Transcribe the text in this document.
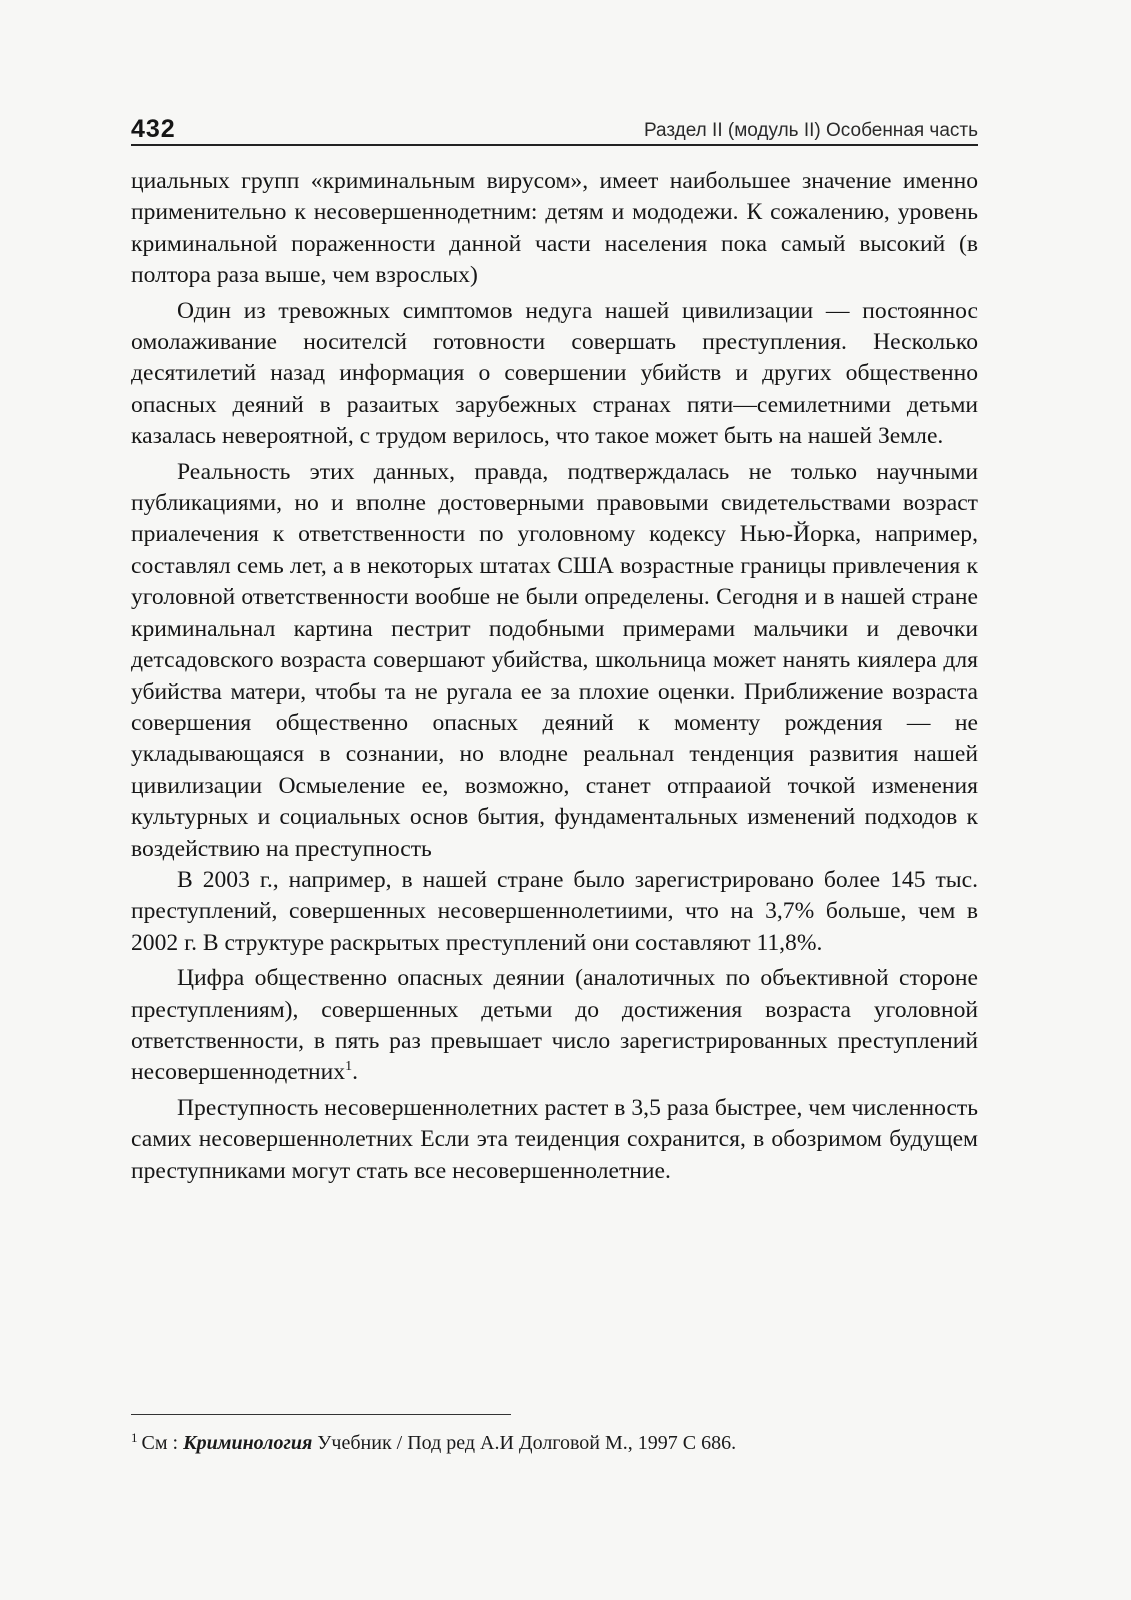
432	Раздел II (модуль II) Особенная часть

циальных групп «криминальным вирусом», имеет наибольшее значение именно применительно к несовершеннодетним: детям и мододежи. К сожалению, уровень криминальной пораженности данной части населения пока самый высокий (в полтора раза выше, чем взрослых)

Один из тревожных симптомов недуга нашей цивилизации — постояннос омолаживание носителсй готовности совершать преступления. Несколько десятилетий назад информация о совершении убийств и других общественно опасных деяний в разаитых зарубежных странах пяти—семилетними детьми казалась невероятной, с трудом верилось, что такое может быть на нашей Земле.

Реальность этих данных, правда, подтверждалась не только научными публикациями, но и вполне достоверными правовыми свидетельствами возраст приалечения к ответственности по уголовному кодексу Нью-Йорка, например, составлял семь лет, а в некоторых штатах США возрастные границы привлечения к уголовной ответственности вообше не были определены. Сегодня и в нашей стране криминальнал картина пестрит подобными примерами мальчики и девочки детсадовского возраста совершают убийства, школьница может нанять киялера для убийства матери, чтобы та не ругала ее за плохие оценки. Приближение возраста совершения общественно опасных деяний к моменту рождения — не укладывающаяся в сознании, но влодне реальнал тенденция развития нашей цивилизации Осмыеление ее, возможно, станет отпраaиой точкой изменения культурных и социальных основ бытия, фундаментальных изменений подходов к воздействию на преступность

В 2003 г., например, в нашей стране было зарегистрировано более 145 тыс. преступлений, совершенных несовершеннолетиими, что на 3,7% больше, чем в 2002 г. В структуре раскрытых преступлений они составляют 11,8%.

Цифра общественно опасных деянии (аналотичных по объективной стороне преступлениям), совершенных детьми до достижения возраста уголовной ответственности, в пять раз превышает число зарегистрированных преступлений несовершеннодетних$^1$.

Преступность несовершеннолетних растет в 3,5 раза быстрее, чем численность самих несовершеннолетних Если эта теиденция сохранится, в обозримом будущем преступниками могут стать все несовершеннолетние.

$^1$ См : Криминология Учебник / Под ред А.И Долговой М., 1997 С 686.
